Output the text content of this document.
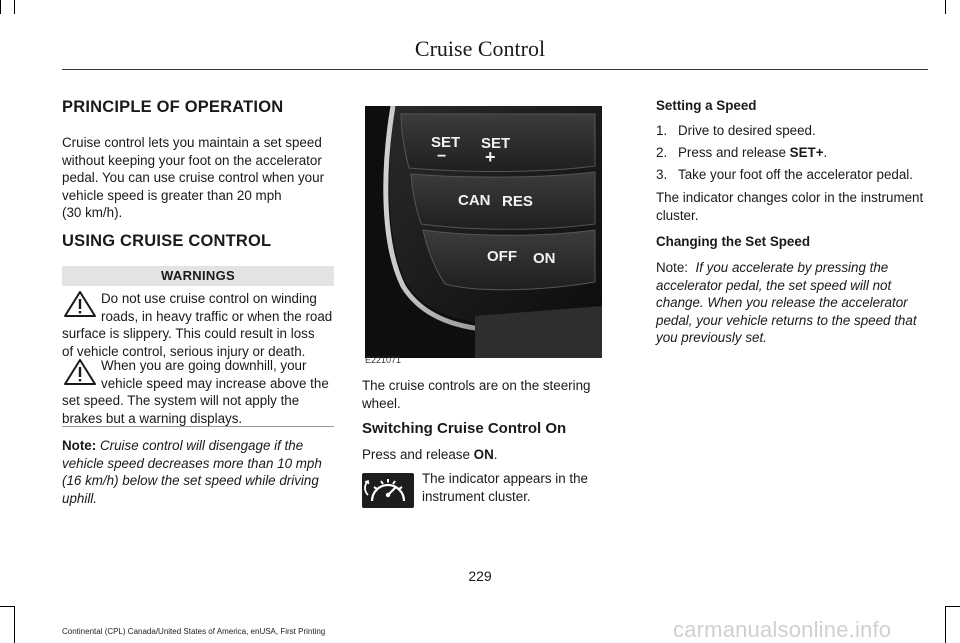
Cruise Control
PRINCIPLE OF OPERATION

Cruise control lets you maintain a set speed

without keeping your foot on the accelerator

pedal. You can use cruise control when your

vehicle speed is greater than 20 mph

(30 km/h).

USING CRUISE CONTROL
WARNINGS

Do not use cruise control on winding

roads, in heavy traffic or when the road

surface is slippery. This could result in loss

of vehicle control, serious injury or death.

When you are going downhill, your

vehicle speed may increase above the

set speed. The system will not apply the

brakes but a warning displays.

Note: Cruise control will disengage if the

vehicle speed decreases more than 10 mph

(16 km/h) below the set speed while driving

uphill.

SET
−
SET
+
CAN RES
OFF ON
E221071

The cruise controls are on the steering

wheel.

Switching Cruise Control On

Press and release ON.

The indicator appears in the

instrument cluster.

Setting a Speed
1. Drive to desired speed.
2. Press and release SET+.
3. Take your foot off the accelerator pedal.

The indicator changes color in the instrument

cluster.

Changing the Set Speed

Note: If you accelerate by pressing the

accelerator pedal, the set speed will not

change. When you release the accelerator

pedal, your vehicle returns to the speed that

you previously set.

229
Continental (CPL) Canada/United States of America, enUSA, First Printing	carmanualsonline.info
